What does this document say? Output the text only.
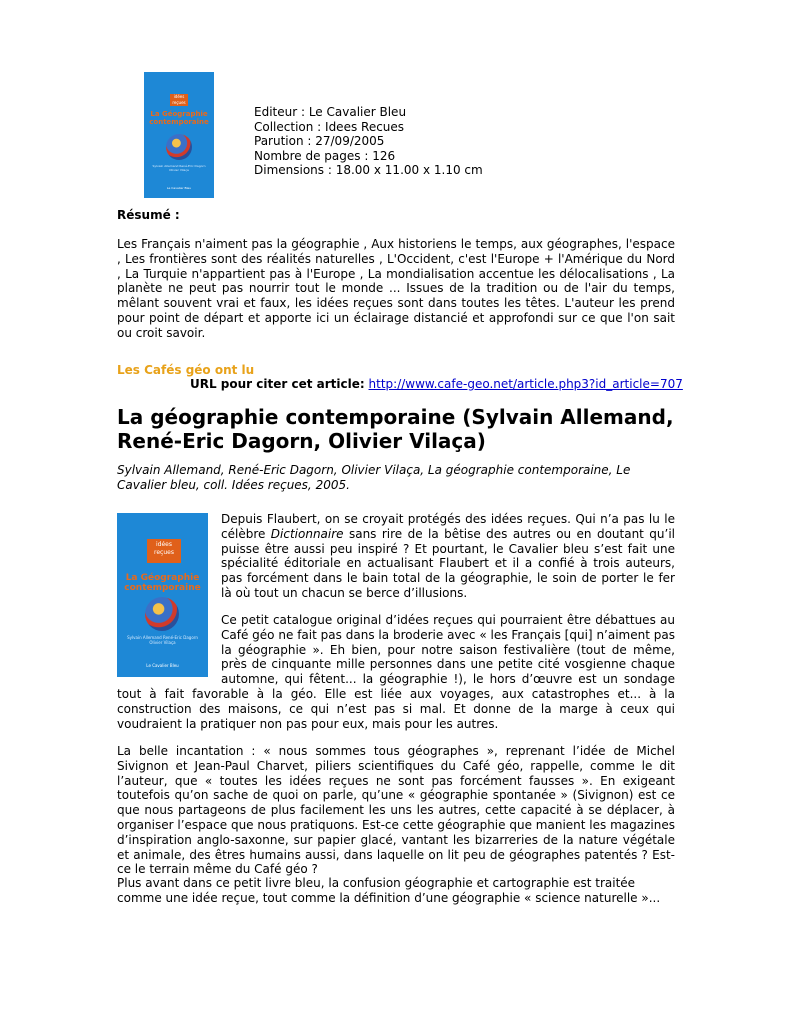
idées reçues
La Géographie contemporaine
Sylvain Allemand René-Eric Dagorn Olivier Vilaça
Le Cavalier Bleu
Editeur : Le Cavalier Bleu
Collection : Idees Recues
Parution : 27/09/2005
Nombre de pages : 126
Dimensions : 18.00 x 11.00 x 1.10 cm
Résumé :

Les Français n'aiment pas la géographie , Aux historiens le temps, aux géographes, l'espace , Les frontières sont des réalités naturelles , L'Occident, c'est l'Europe + l'Amérique du Nord , La Turquie n'appartient pas à l'Europe , La mondialisation accentue les délocalisations , La planète ne peut pas nourrir tout le monde ... Issues de la tradition ou de l'air du temps, mêlant souvent vrai et faux, les idées reçues sont dans toutes les têtes. L'auteur les prend pour point de départ et apporte ici un éclairage distancié et approfondi sur ce que l'on sait ou croit savoir.

Les Cafés géo ont lu
URL pour citer cet article: http://www.cafe-geo.net/article.php3?id_article=707
La géographie contemporaine (Sylvain Allemand,
René-Eric Dagorn, Olivier Vilaça)

Sylvain Allemand, René-Eric Dagorn, Olivier Vilaça, La géographie contemporaine, Le Cavalier bleu, coll. Idées reçues, 2005.

idées
reçues
La Géographie contemporaine
Sylvain Allemand René-Eric Dagorn Olivier Vilaça
Le Cavalier Bleu

Depuis Flaubert, on se croyait protégés des idées reçues. Qui n’a pas lu le célèbre Dictionnaire sans rire de la bêtise des autres ou en doutant qu’il puisse être aussi peu inspiré ? Et pourtant, le Cavalier bleu s’est fait une spécialité éditoriale en actualisant Flaubert et il a confié à trois auteurs, pas forcément dans le bain total de la géographie, le soin de porter le fer là où tout un chacun se berce d’illusions.

Ce petit catalogue original d’idées reçues qui pourraient être débattues au Café géo ne fait pas dans la broderie avec « les Français [qui] n’aiment pas la géographie ». Eh bien, pour notre saison festivalière (tout de même, près de cinquante mille personnes dans une petite cité vosgienne chaque automne, qui fêtent... la géographie !), le hors d’œuvre est un sondage tout à fait favorable à la géo. Elle est liée aux voyages, aux catastrophes et... à la construction des maisons, ce qui n’est pas si mal. Et donne de la marge à ceux qui voudraient la pratiquer non pas pour eux, mais pour les autres.

La belle incantation : « nous sommes tous géographes », reprenant l’idée de Michel Sivignon et Jean-Paul Charvet, piliers scientifiques du Café géo, rappelle, comme le dit l’auteur, que « toutes les idées reçues ne sont pas forcément fausses ». En exigeant toutefois qu’on sache de quoi on parle, qu’une « géographie spontanée » (Sivignon) est ce que nous partageons de plus facilement les uns les autres, cette capacité à se déplacer, à organiser l’espace que nous pratiquons. Est-ce cette géographie que manient les magazines d’inspiration anglo-saxonne, sur papier glacé, vantant les bizarreries de la nature végétale et animale, des êtres humains aussi, dans laquelle on lit peu de géographes patentés ? Est-ce le terrain même du Café géo ?

Plus avant dans ce petit livre bleu, la confusion géographie et cartographie est traitée comme une idée reçue, tout comme la définition d’une géographie « science naturelle »...
